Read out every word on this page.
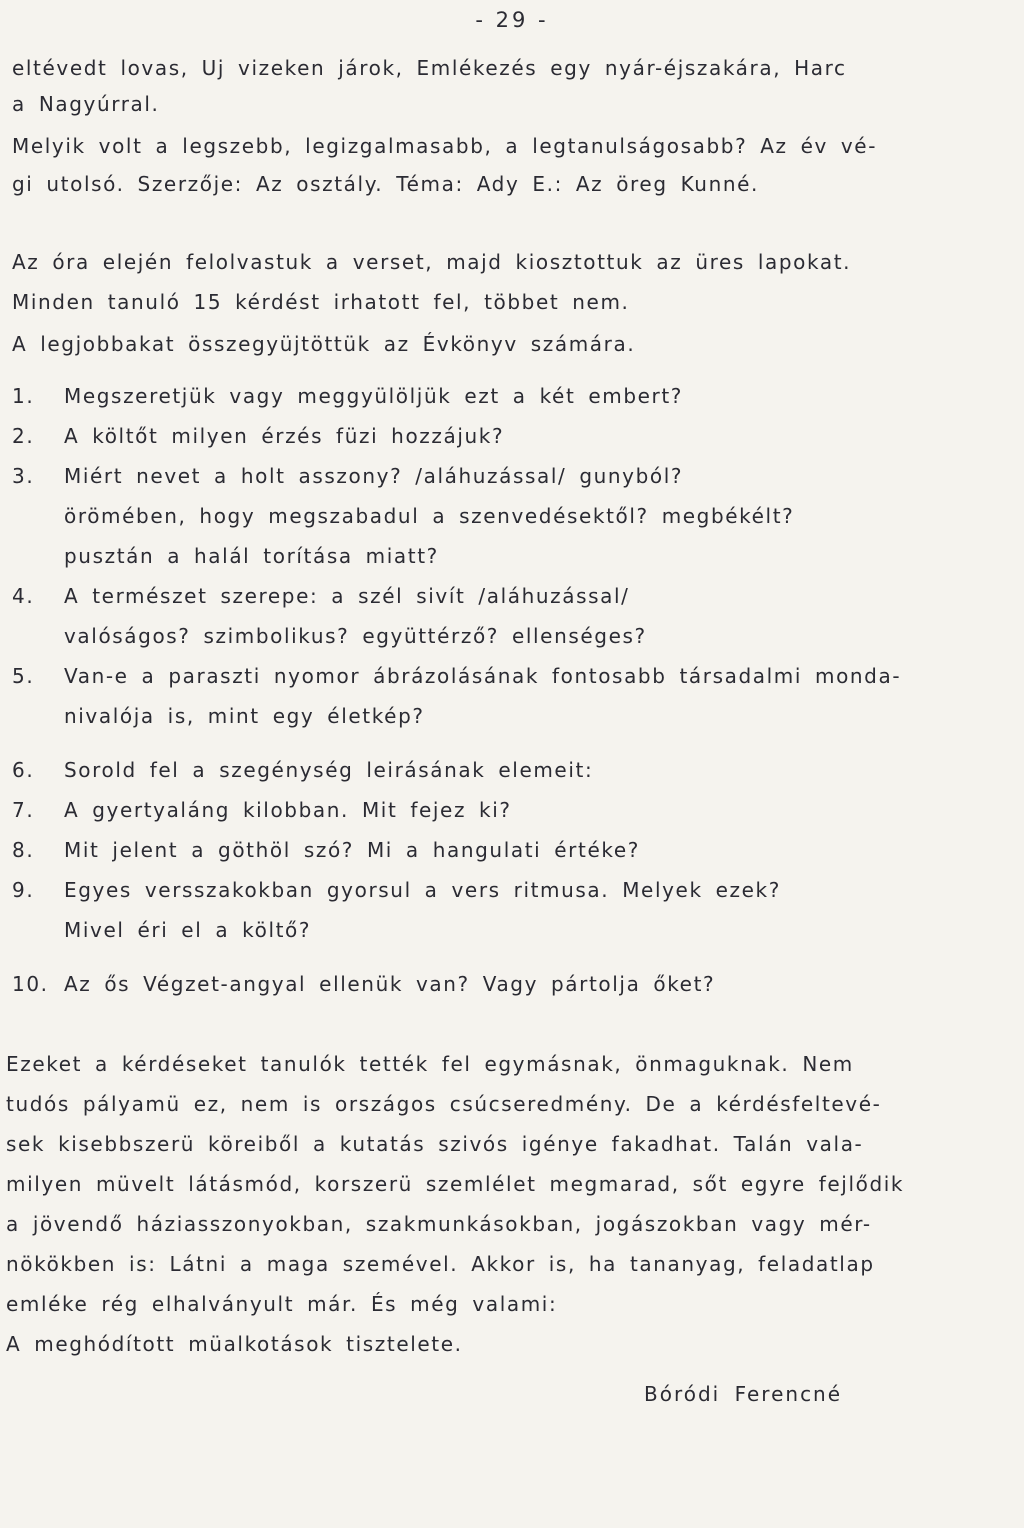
- 29 -
eltévedt lovas, Uj vizeken járok, Emlékezés egy nyár-éjszakára, Harc
a Nagyúrral.
Melyik volt a legszebb, legizgalmasabb, a legtanulságosabb? Az év vé-
gi utolsó. Szerzője: Az osztály. Téma: Ady E.: Az öreg Kunné.
Az óra elején felolvastuk a verset, majd kiosztottuk az üres lapokat.
Minden tanuló 15 kérdést irhatott fel, többet nem.
A legjobbakat összegyüjtöttük az Évkönyv számára.
1. Megszeretjük vagy meggyülöljük ezt a két embert?
2. A költőt milyen érzés füzi hozzájuk?
3. Miért nevet a holt asszony? /aláhuzással/ gunyból?
örömében, hogy megszabadul a szenvedésektől? megbékélt?
pusztán a halál torítása miatt?
4. A természet szerepe: a szél sivít /aláhuzással/
valóságos? szimbolikus? együttérző? ellenséges?
5. Van-e a paraszti nyomor ábrázolásának fontosabb társadalmi monda-
nivalója is, mint egy életkép?
6. Sorold fel a szegénység leirásának elemeit:
7. A gyertyaláng kilobban. Mit fejez ki?
8. Mit jelent a göthöl szó? Mi a hangulati értéke?
9. Egyes versszakokban gyorsul a vers ritmusa. Melyek ezek?
Mivel éri el a költő?
10. Az ős Végzet-angyal ellenük van? Vagy pártolja őket?
Ezeket a kérdéseket tanulók tették fel egymásnak, önmaguknak. Nem
tudós pályamü ez, nem is országos csúcseredmény. De a kérdésfeltevé-
sek kisebbszerü köreiből a kutatás szivós igénye fakadhat. Talán vala-
milyen müvelt látásmód, korszerü szemlélet megmarad, sőt egyre fejlődik
a jövendő háziasszonyokban, szakmunkásokban, jogászokban vagy mér-
nökökben is: Látni a maga szemével. Akkor is, ha tananyag, feladatlap
emléke rég elhalványult már. És még valami:
A meghódított müalkotások tisztelete.
Bóródi Ferencné
